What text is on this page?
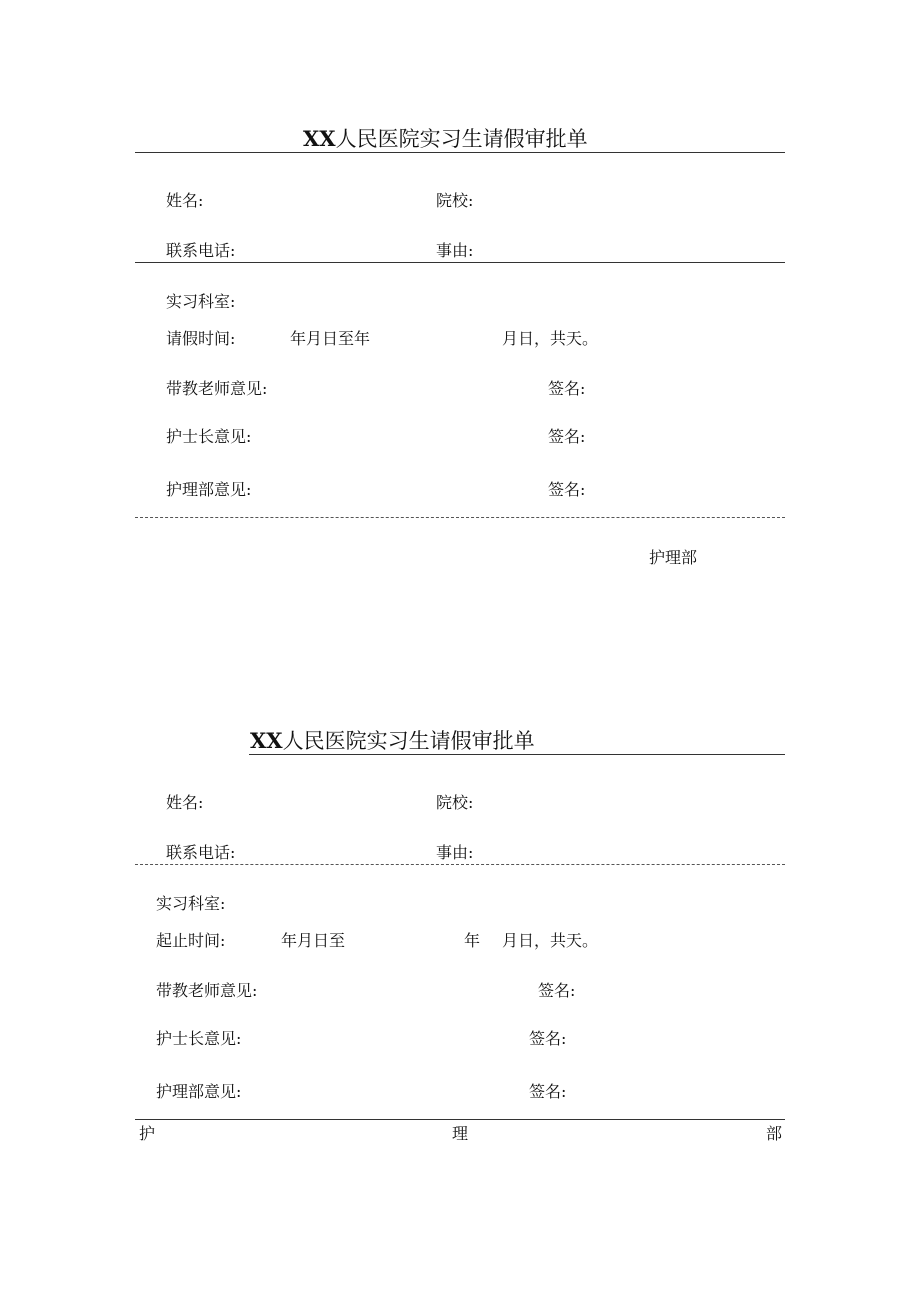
XX人民医院实习生请假审批单
姓名:	院校:
联系电话:	事由:
实习科室:
请假时间:	年月日至年	月日，共天。
带教老师意见:	签名:
护士长意见:	签名:
护理部意见:	签名:
护理部
XX人民医院实习生请假审批单
姓名:	院校:
联系电话:	事由:
实习科室:
起止时间:	年月日至	年 月日，共天。
带教老师意见:	签名:
护士长意见:	签名:
护理部意见:	签名:
护	理	部
